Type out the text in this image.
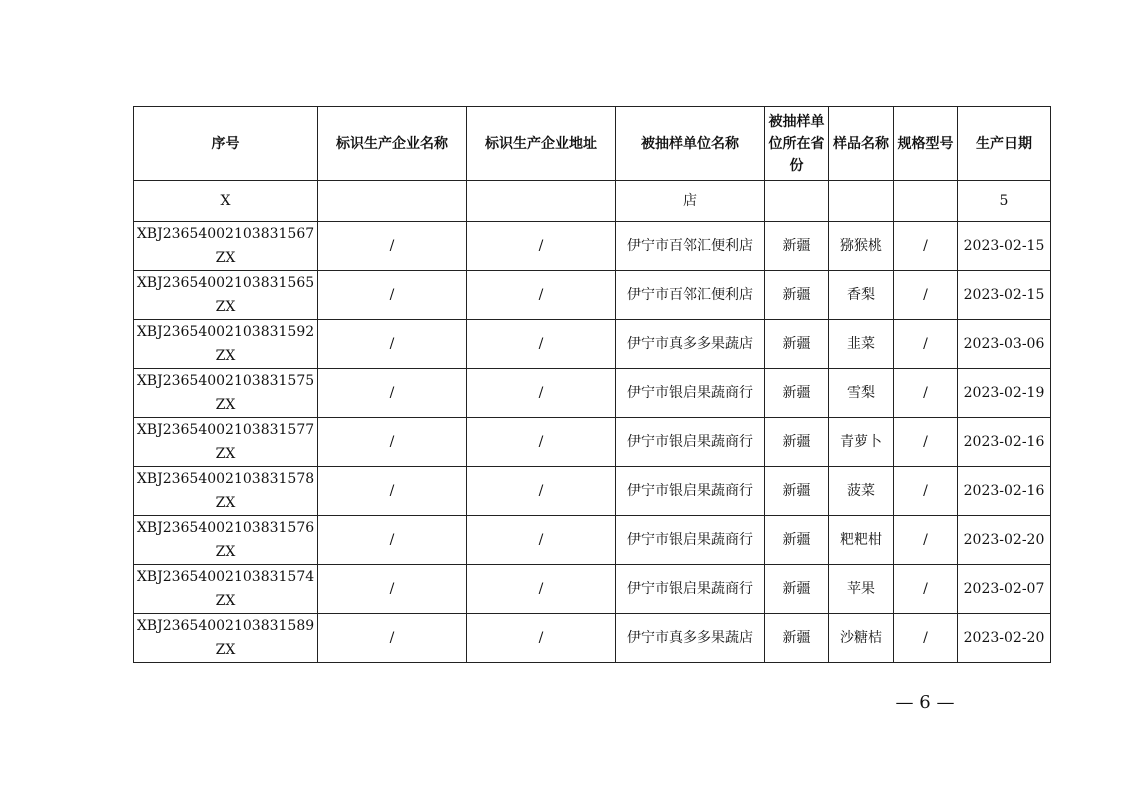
序号	标识生产企业名称	标识生产企业地址	被抽样单位名称	被抽样单位所在省份	样品名称	规格型号	生产日期
X			店				5
XBJ23654002103831567ZX	/	/	伊宁市百邻汇便利店	新疆	猕猴桃	/	2023-02-15
XBJ23654002103831565ZX	/	/	伊宁市百邻汇便利店	新疆	香梨	/	2023-02-15
XBJ23654002103831592ZX	/	/	伊宁市真多多果蔬店	新疆	韭菜	/	2023-03-06
XBJ23654002103831575ZX	/	/	伊宁市银启果蔬商行	新疆	雪梨	/	2023-02-19
XBJ23654002103831577ZX	/	/	伊宁市银启果蔬商行	新疆	青萝卜	/	2023-02-16
XBJ23654002103831578ZX	/	/	伊宁市银启果蔬商行	新疆	菠菜	/	2023-02-16
XBJ23654002103831576ZX	/	/	伊宁市银启果蔬商行	新疆	粑粑柑	/	2023-02-20
XBJ23654002103831574ZX	/	/	伊宁市银启果蔬商行	新疆	苹果	/	2023-02-07
XBJ23654002103831589ZX	/	/	伊宁市真多多果蔬店	新疆	沙糖桔	/	2023-02-20
— 6 —
